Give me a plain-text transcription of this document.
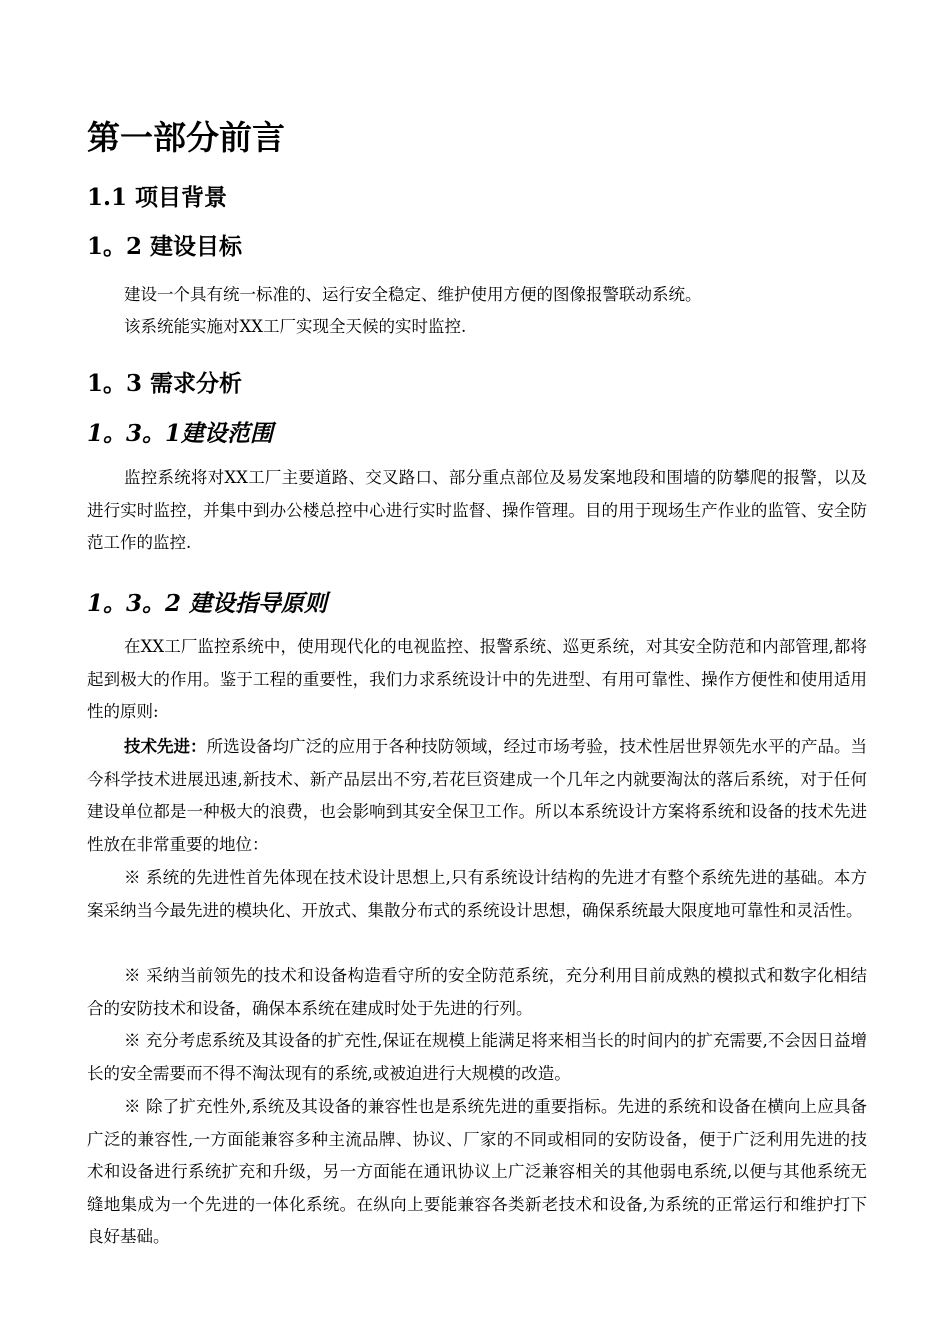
第一部分前言
1.1 项目背景
1。2 建设目标

建设一个具有统一标准的、运行安全稳定、维护使用方便的图像报警联动系统。

该系统能实施对XX工厂实现全天候的实时监控.

1。3 需求分析
1。3。1建设范围

监控系统将对XX工厂主要道路、交叉路口、部分重点部位及易发案地段和围墙的防攀爬的报警，以及进行实时监控，并集中到办公楼总控中心进行实时监督、操作管理。目的用于现场生产作业的监管、安全防范工作的监控.

1。3。2 建设指导原则

在XX工厂监控系统中，使用现代化的电视监控、报警系统、巡更系统，对其安全防范和内部管理,都将起到极大的作用。鉴于工程的重要性，我们力求系统设计中的先进型、有用可靠性、操作方便性和使用适用性的原则:

技术先进：所选设备均广泛的应用于各种技防领域，经过市场考验，技术性居世界领先水平的产品。当今科学技术进展迅速,新技术、新产品层出不穷,若花巨资建成一个几年之内就要淘汰的落后系统，对于任何建设单位都是一种极大的浪费，也会影响到其安全保卫工作。所以本系统设计方案将系统和设备的技术先进性放在非常重要的地位：

※ 系统的先进性首先体现在技术设计思想上,只有系统设计结构的先进才有整个系统先进的基础。本方案采纳当今最先进的模块化、开放式、集散分布式的系统设计思想，确保系统最大限度地可靠性和灵活性。

※ 采纳当前领先的技术和设备构造看守所的安全防范系统，充分利用目前成熟的模拟式和数字化相结合的安防技术和设备，确保本系统在建成时处于先进的行列。

※ 充分考虑系统及其设备的扩充性,保证在规模上能满足将来相当长的时间内的扩充需要,不会因日益增长的安全需要而不得不淘汰现有的系统,或被迫进行大规模的改造。

※ 除了扩充性外,系统及其设备的兼容性也是系统先进的重要指标。先进的系统和设备在横向上应具备广泛的兼容性,一方面能兼容多种主流品牌、协议、厂家的不同或相同的安防设备，便于广泛利用先进的技术和设备进行系统扩充和升级，另一方面能在通讯协议上广泛兼容相关的其他弱电系统,以便与其他系统无缝地集成为一个先进的一体化系统。在纵向上要能兼容各类新老技术和设备,为系统的正常运行和维护打下良好基础。
